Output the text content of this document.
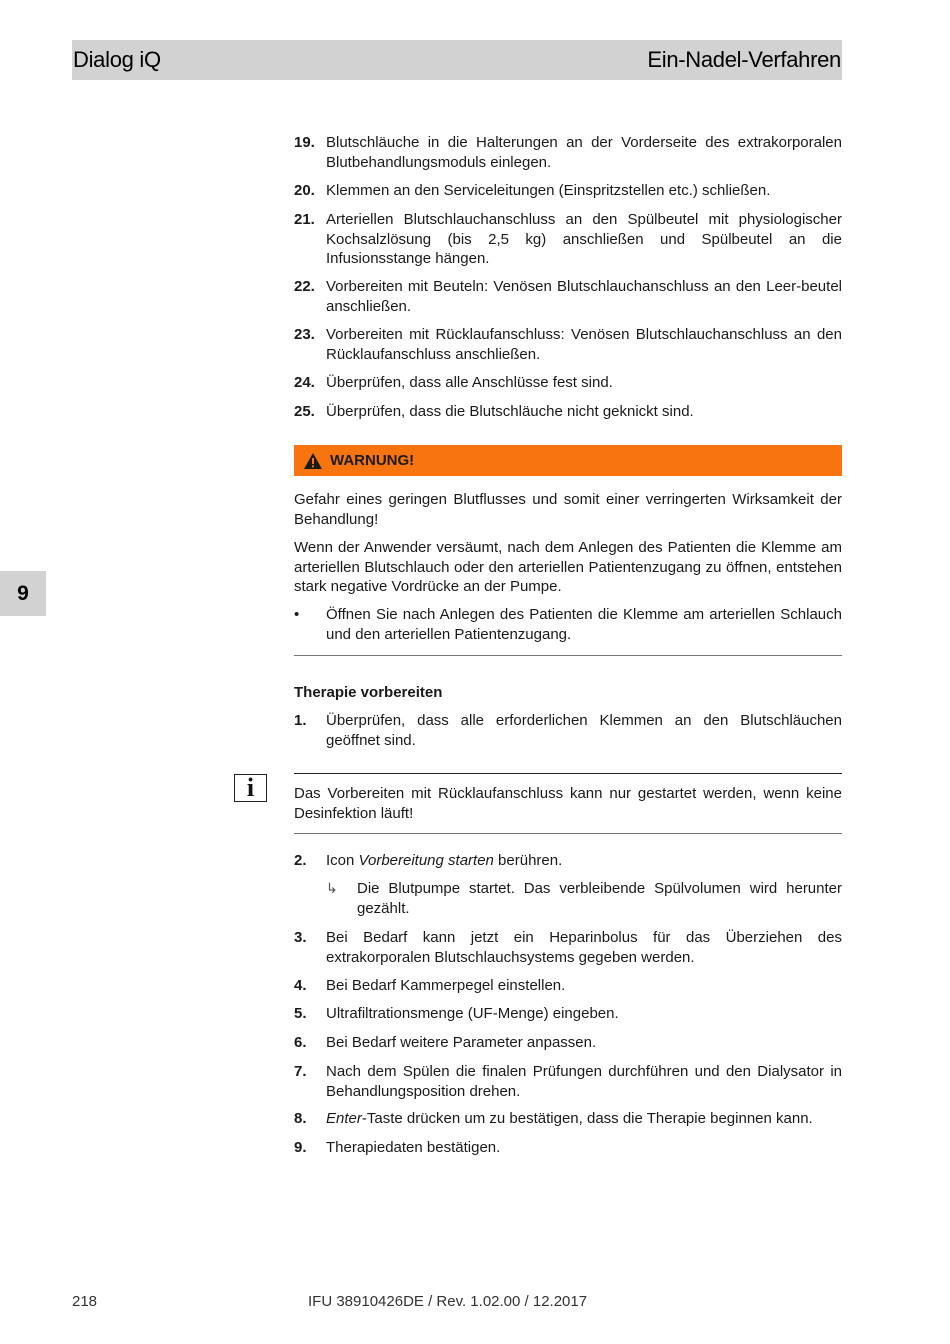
Dialog iQ	Ein-Nadel-Verfahren
9
19. Blutschläuche in die Halterungen an der Vorderseite des extrakorporalen Blutbehandlungsmoduls einlegen.
20. Klemmen an den Serviceleitungen (Einspritzstellen etc.) schließen.
21. Arteriellen Blutschlauchanschluss an den Spülbeutel mit physiologischer Kochsalzlösung (bis 2,5 kg) anschließen und Spülbeutel an die Infusionsstange hängen.
22. Vorbereiten mit Beuteln: Venösen Blutschlauchanschluss an den Leer-beutel anschließen.
23. Vorbereiten mit Rücklaufanschluss: Venösen Blutschlauchanschluss an den Rücklaufanschluss anschließen.
24. Überprüfen, dass alle Anschlüsse fest sind.
25. Überprüfen, dass die Blutschläuche nicht geknickt sind.
WARNUNG!
Gefahr eines geringen Blutflusses und somit einer verringerten Wirksamkeit der Behandlung!
Wenn der Anwender versäumt, nach dem Anlegen des Patienten die Klemme am arteriellen Blutschlauch oder den arteriellen Patientenzugang zu öffnen, entstehen stark negative Vordrücke an der Pumpe.
•	Öffnen Sie nach Anlegen des Patienten die Klemme am arteriellen Schlauch und den arteriellen Patientenzugang.
Therapie vorbereiten
1.	Überprüfen, dass alle erforderlichen Klemmen an den Blutschläuchen geöffnet sind.
Das Vorbereiten mit Rücklaufanschluss kann nur gestartet werden, wenn keine Desinfektion läuft!
2.	Icon Vorbereitung starten berühren.
↳	Die Blutpumpe startet. Das verbleibende Spülvolumen wird herunter gezählt.
3.	Bei Bedarf kann jetzt ein Heparinbolus für das Überziehen des extrakorporalen Blutschlauchsystems gegeben werden.
4.	Bei Bedarf Kammerpegel einstellen.
5.	Ultrafiltrationsmenge (UF-Menge) eingeben.
6.	Bei Bedarf weitere Parameter anpassen.
7.	Nach dem Spülen die finalen Prüfungen durchführen und den Dialysator in Behandlungsposition drehen.
8.	Enter-Taste drücken um zu bestätigen, dass die Therapie beginnen kann.
9.	Therapiedaten bestätigen.
i
218	IFU 38910426DE / Rev. 1.02.00 / 12.2017
